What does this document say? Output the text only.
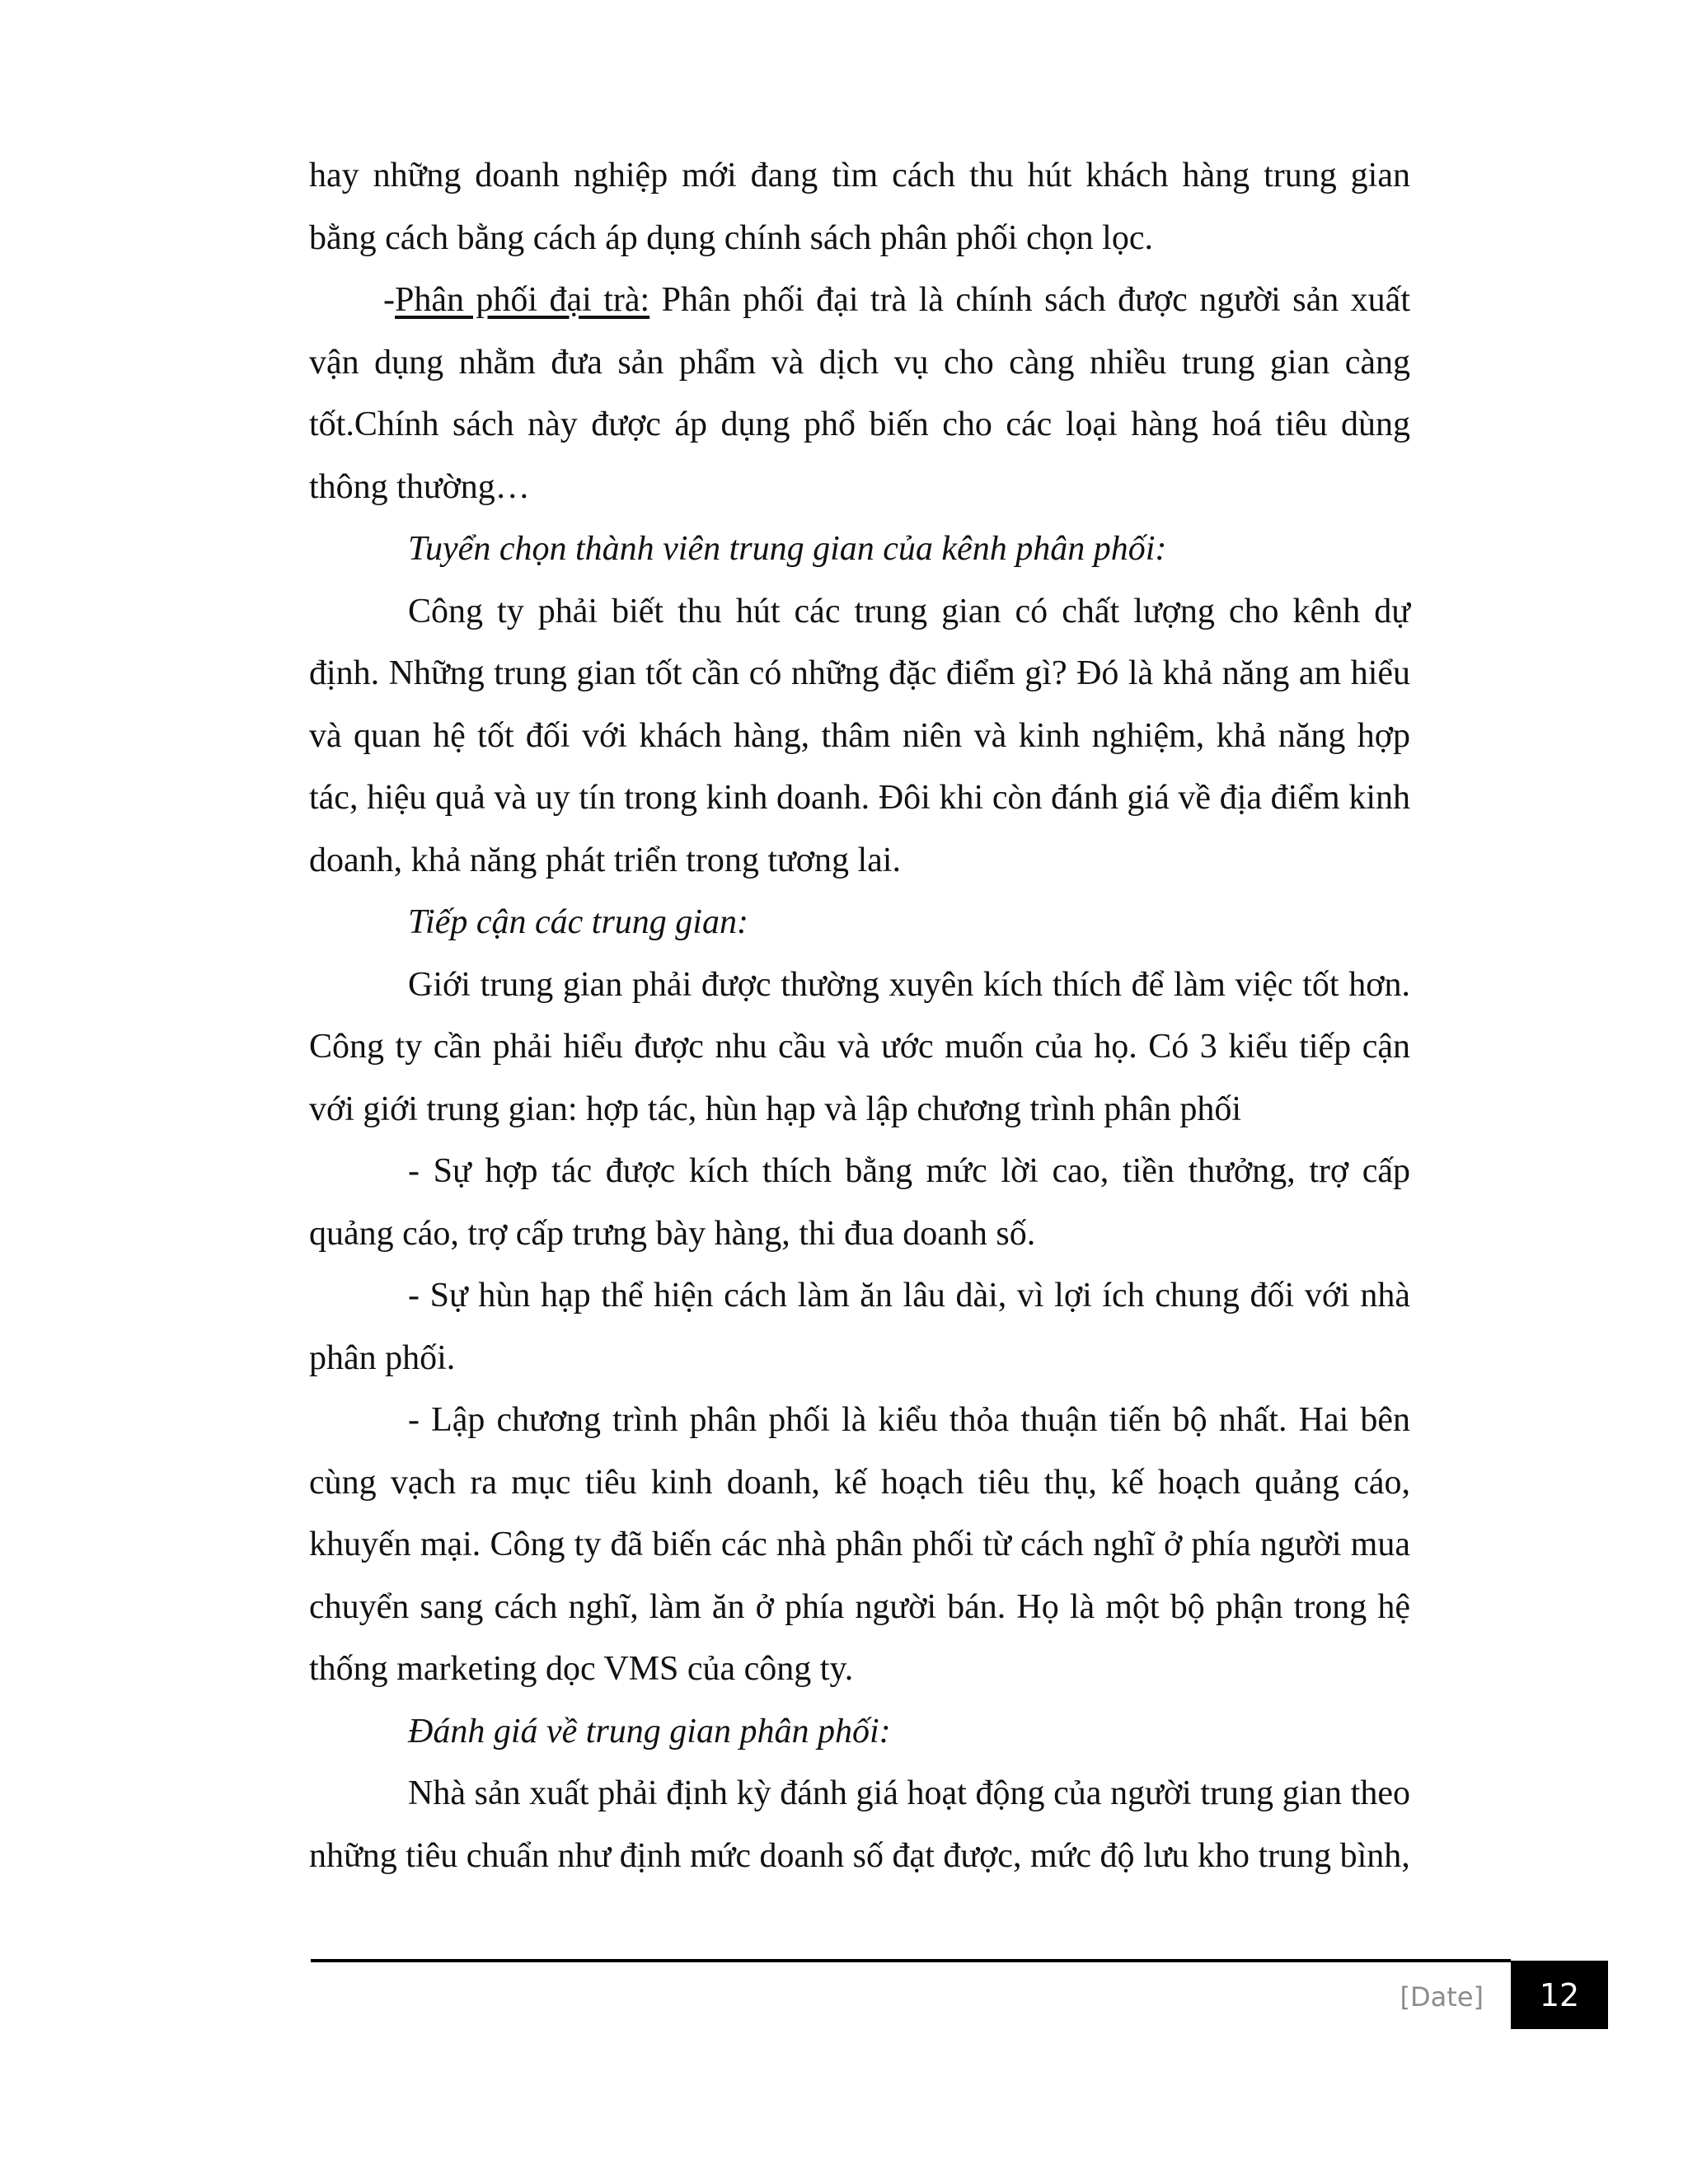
hay những doanh nghiệp mới đang tìm cách thu hút khách hàng trung gian bằng cách bằng cách áp dụng chính sách phân phối chọn lọc.

-Phân phối đại trà: Phân phối đại trà là chính sách được người sản xuất vận dụng nhằm đưa sản phẩm và dịch vụ cho càng nhiều trung gian càng tốt.Chính sách này được áp dụng phổ biến cho các loại hàng hoá tiêu dùng thông thường…

Tuyển chọn thành viên trung gian của kênh phân phối:

Công ty phải biết thu hút các trung gian có chất lượng cho kênh dự định. Những trung gian tốt cần có những đặc điểm gì? Đó là khả năng am hiểu và quan hệ tốt đối với khách hàng, thâm niên và kinh nghiệm, khả năng hợp tác, hiệu quả và uy tín trong kinh doanh. Đôi khi còn đánh giá về địa điểm kinh doanh, khả năng phát triển trong tương lai.

Tiếp cận các trung gian:

Giới trung gian phải được thường xuyên kích thích để làm việc tốt hơn. Công ty cần phải hiểu được nhu cầu và ước muốn của họ. Có 3 kiểu tiếp cận với giới trung gian: hợp tác, hùn hạp và lập chương trình phân phối

- Sự hợp tác được kích thích bằng mức lời cao, tiền thưởng, trợ cấp quảng cáo, trợ cấp trưng bày hàng, thi đua doanh số.

- Sự hùn hạp thể hiện cách làm ăn lâu dài, vì lợi ích chung đối với nhà phân phối.

- Lập chương trình phân phối là kiểu thỏa thuận tiến bộ nhất. Hai bên cùng vạch ra mục tiêu kinh doanh, kế hoạch tiêu thụ, kế hoạch quảng cáo, khuyến mại. Công ty đã biến các nhà phân phối từ cách nghĩ ở phía người mua chuyển sang cách nghĩ, làm ăn ở phía người bán. Họ là một bộ phận trong hệ thống marketing dọc VMS của công ty.

Đánh giá về trung gian phân phối:

Nhà sản xuất phải định kỳ đánh giá hoạt động của người trung gian theo những tiêu chuẩn như định mức doanh số đạt được, mức độ lưu kho trung bình,

[Date] 12
